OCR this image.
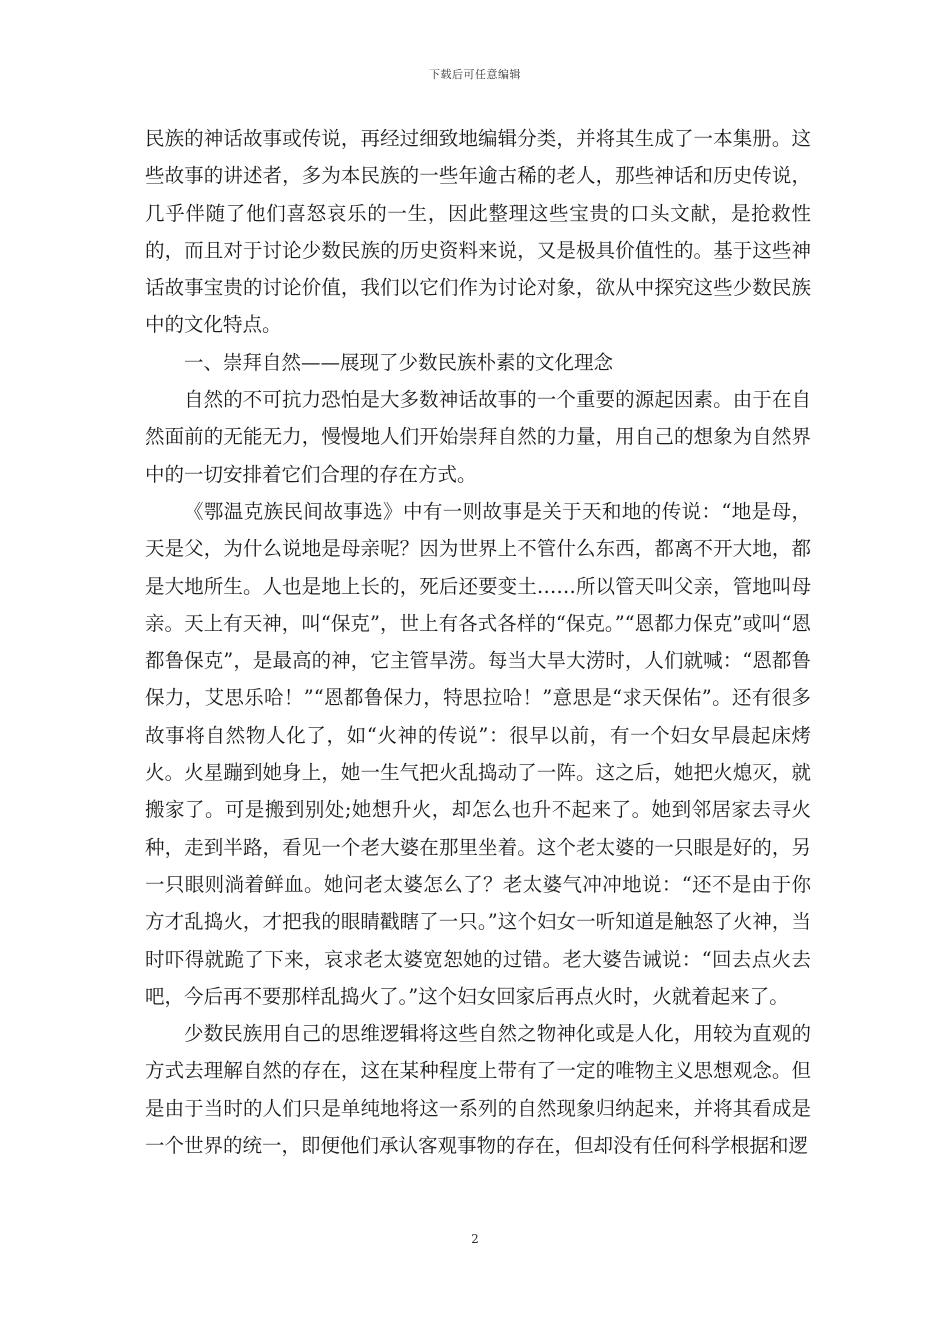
下载后可任意编辑

民族的神话故事或传说，再经过细致地编辑分类，并将其生成了一本集册。这些故事的讲述者，多为本民族的一些年逾古稀的老人，那些神话和历史传说，几乎伴随了他们喜怒哀乐的一生，因此整理这些宝贵的口头文献，是抢救性的，而且对于讨论少数民族的历史资料来说，又是极具价值性的。基于这些神话故事宝贵的讨论价值，我们以它们作为讨论对象，欲从中探究这些少数民族中的文化特点。

一、崇拜自然——展现了少数民族朴素的文化理念

自然的不可抗力恐怕是大多数神话故事的一个重要的源起因素。由于在自然面前的无能无力，慢慢地人们开始崇拜自然的力量，用自己的想象为自然界中的一切安排着它们合理的存在方式。

《鄂温克族民间故事选》中有一则故事是关于天和地的传说：“地是母，天是父，为什么说地是母亲呢？因为世界上不管什么东西，都离不开大地，都是大地所生。人也是地上长的，死后还要变土……所以管天叫父亲，管地叫母亲。天上有天神，叫“保克”，世上有各式各样的“保克。”“恩都力保克”或叫“恩都鲁保克”，是最高的神，它主管旱涝。每当大旱大涝时，人们就喊：“恩都鲁保力，艾思乐哈！”“恩都鲁保力，特思拉哈！”意思是“求天保佑”。还有很多故事将自然物人化了，如“火神的传说”：很早以前，有一个妇女早晨起床烤火。火星蹦到她身上，她一生气把火乱捣动了一阵。这之后，她把火熄灭，就搬家了。可是搬到别处;她想升火，却怎么也升不起来了。她到邻居家去寻火种，走到半路，看见一个老大婆在那里坐着。这个老太婆的一只眼是好的，另一只眼则淌着鲜血。她问老太婆怎么了？老太婆气冲冲地说：“还不是由于你方才乱捣火，才把我的眼睛戳瞎了一只。”这个妇女一听知道是触怒了火神，当时吓得就跪了下来，哀求老太婆宽恕她的过错。老大婆告诫说：“回去点火去吧，今后再不要那样乱捣火了。”这个妇女回家后再点火时，火就着起来了。

少数民族用自己的思维逻辑将这些自然之物神化或是人化，用较为直观的方式去理解自然的存在，这在某种程度上带有了一定的唯物主义思想观念。但是由于当时的人们只是单纯地将这一系列的自然现象归纳起来，并将其看成是一个世界的统一，即便他们承认客观事物的存在，但却没有任何科学根据和逻

2
